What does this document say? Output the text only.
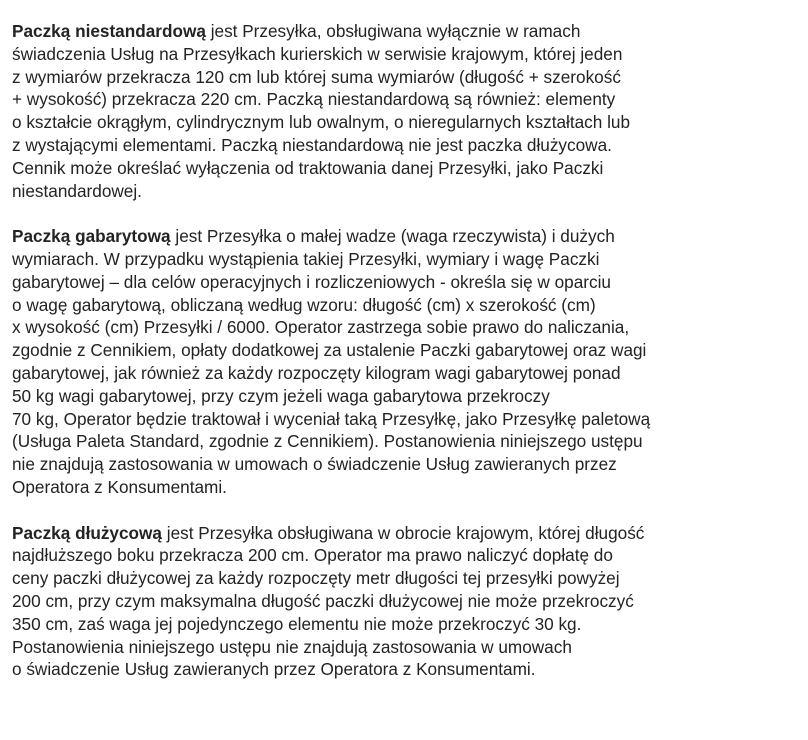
Paczką niestandardową jest Przesyłka, obsługiwana wyłącznie w ramach
świadczenia Usług na Przesyłkach kurierskich w serwisie krajowym, której jeden
z wymiarów przekracza 120 cm lub której suma wymiarów (długość + szerokość
+ wysokość) przekracza 220 cm. Paczką niestandardową są również: elementy
o kształcie okrągłym, cylindrycznym lub owalnym, o nieregularnych kształtach lub
z wystającymi elementami. Paczką niestandardową nie jest paczka dłużycowa.
Cennik może określać wyłączenia od traktowania danej Przesyłki, jako Paczki
niestandardowej.

Paczką gabarytową jest Przesyłka o małej wadze (waga rzeczywista) i dużych
wymiarach. W przypadku wystąpienia takiej Przesyłki, wymiary i wagę Paczki
gabarytowej – dla celów operacyjnych i rozliczeniowych - określa się w oparciu
o wagę gabarytową, obliczaną według wzoru: długość (cm) x szerokość (cm)
x wysokość (cm) Przesyłki / 6000. Operator zastrzega sobie prawo do naliczania,
zgodnie z Cennikiem, opłaty dodatkowej za ustalenie Paczki gabarytowej oraz wagi
gabarytowej, jak również za każdy rozpoczęty kilogram wagi gabarytowej ponad
50 kg wagi gabarytowej, przy czym jeżeli waga gabarytowa przekroczy
70 kg, Operator będzie traktował i wyceniał taką Przesyłkę, jako Przesyłkę paletową
(Usługa Paleta Standard, zgodnie z Cennikiem). Postanowienia niniejszego ustępu
nie znajdują zastosowania w umowach o świadczenie Usług zawieranych przez
Operatora z Konsumentami.

Paczką dłużycową jest Przesyłka obsługiwana w obrocie krajowym, której długość
najdłuższego boku przekracza 200 cm. Operator ma prawo naliczyć dopłatę do
ceny paczki dłużycowej za każdy rozpoczęty metr długości tej przesyłki powyżej
200 cm, przy czym maksymalna długość paczki dłużycowej nie może przekroczyć
350 cm, zaś waga jej pojedynczego elementu nie może przekroczyć 30 kg.
Postanowienia niniejszego ustępu nie znajdują zastosowania w umowach
o świadczenie Usług zawieranych przez Operatora z Konsumentami.
